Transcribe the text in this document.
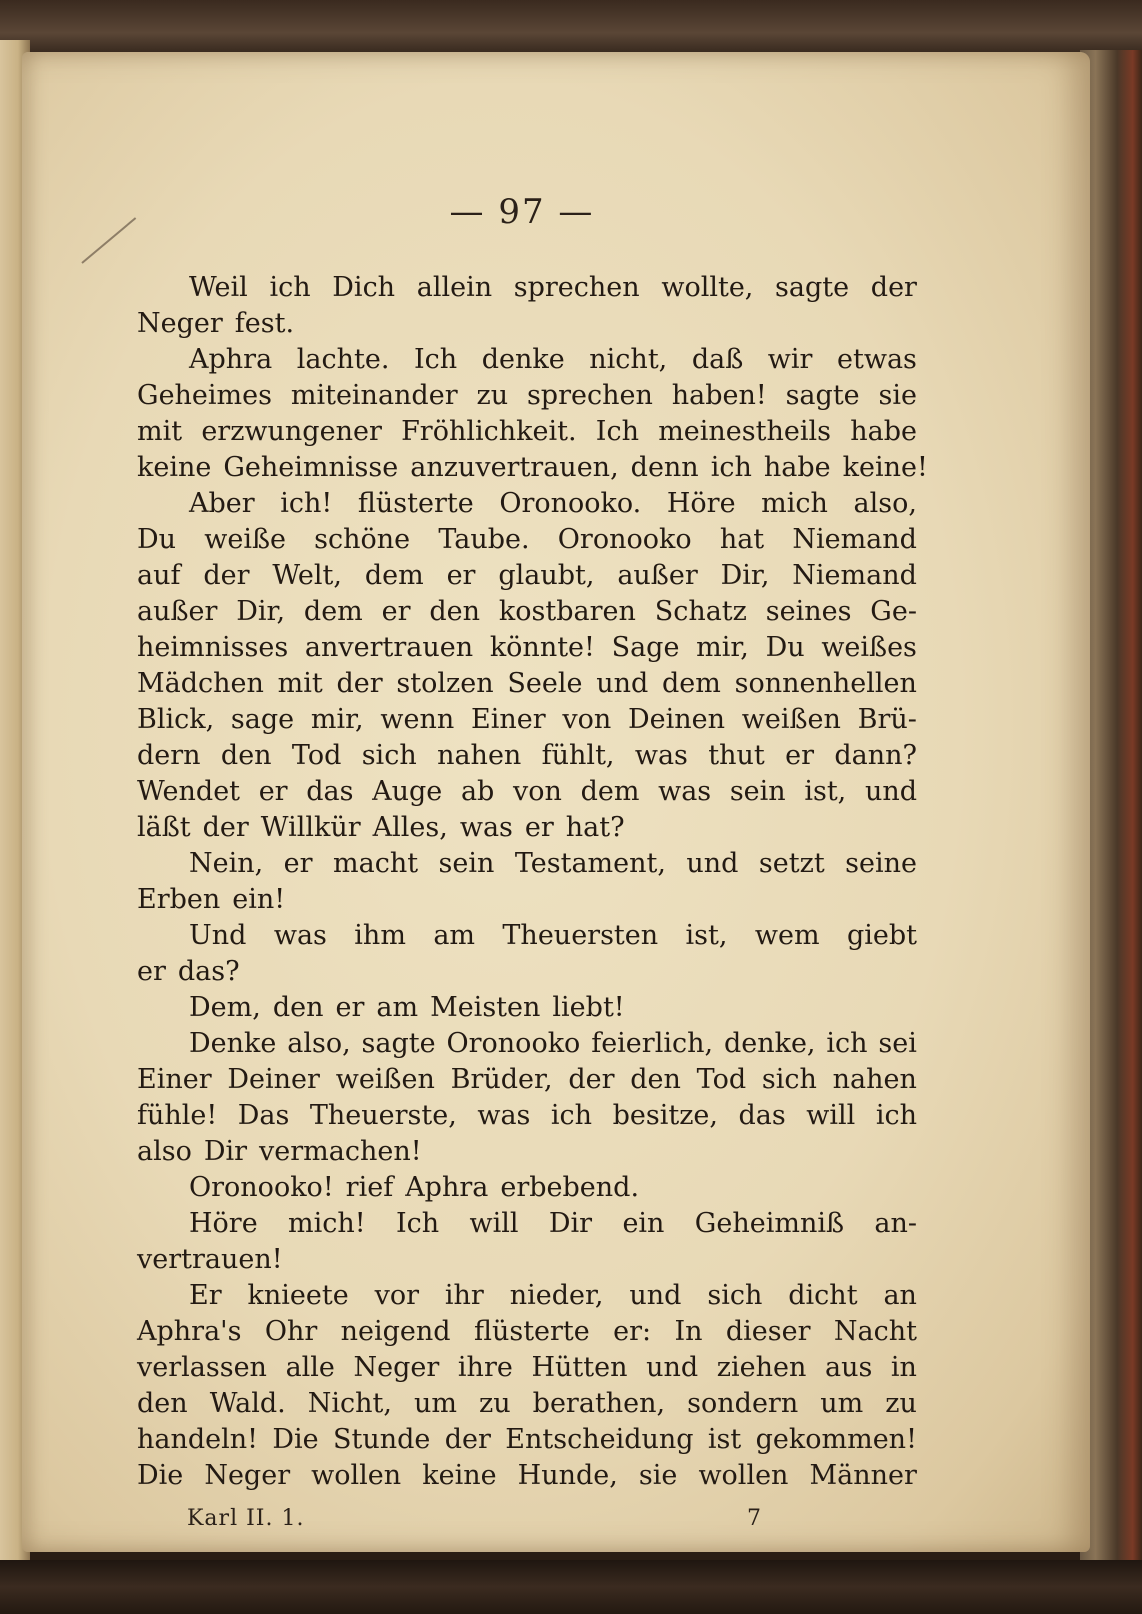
— 97 —
Weil ich Dich allein sprechen wollte, sagte der
Neger fest.
Aphra lachte. Ich denke nicht, daß wir etwas
Geheimes miteinander zu sprechen haben! sagte sie
mit erzwungener Fröhlichkeit. Ich meinestheils habe
keine Geheimnisse anzuvertrauen, denn ich habe keine!
Aber ich! flüsterte Oronooko. Höre mich also,
Du weiße schöne Taube. Oronooko hat Niemand
auf der Welt, dem er glaubt, außer Dir, Niemand
außer Dir, dem er den kostbaren Schatz seines Ge-
heimnisses anvertrauen könnte! Sage mir, Du weißes
Mädchen mit der stolzen Seele und dem sonnenhellen
Blick, sage mir, wenn Einer von Deinen weißen Brü-
dern den Tod sich nahen fühlt, was thut er dann?
Wendet er das Auge ab von dem was sein ist, und
läßt der Willkür Alles, was er hat?
Nein, er macht sein Testament, und setzt seine
Erben ein!
Und was ihm am Theuersten ist, wem giebt
er das?
Dem, den er am Meisten liebt!
Denke also, sagte Oronooko feierlich, denke, ich sei
Einer Deiner weißen Brüder, der den Tod sich nahen
fühle! Das Theuerste, was ich besitze, das will ich
also Dir vermachen!
Oronooko! rief Aphra erbebend.
Höre mich! Ich will Dir ein Geheimniß an-
vertrauen!
Er knieete vor ihr nieder, und sich dicht an
Aphra's Ohr neigend flüsterte er: In dieser Nacht
verlassen alle Neger ihre Hütten und ziehen aus in
den Wald. Nicht, um zu berathen, sondern um zu
handeln! Die Stunde der Entscheidung ist gekommen!
Die Neger wollen keine Hunde, sie wollen Männer
Karl II. 1.	7
